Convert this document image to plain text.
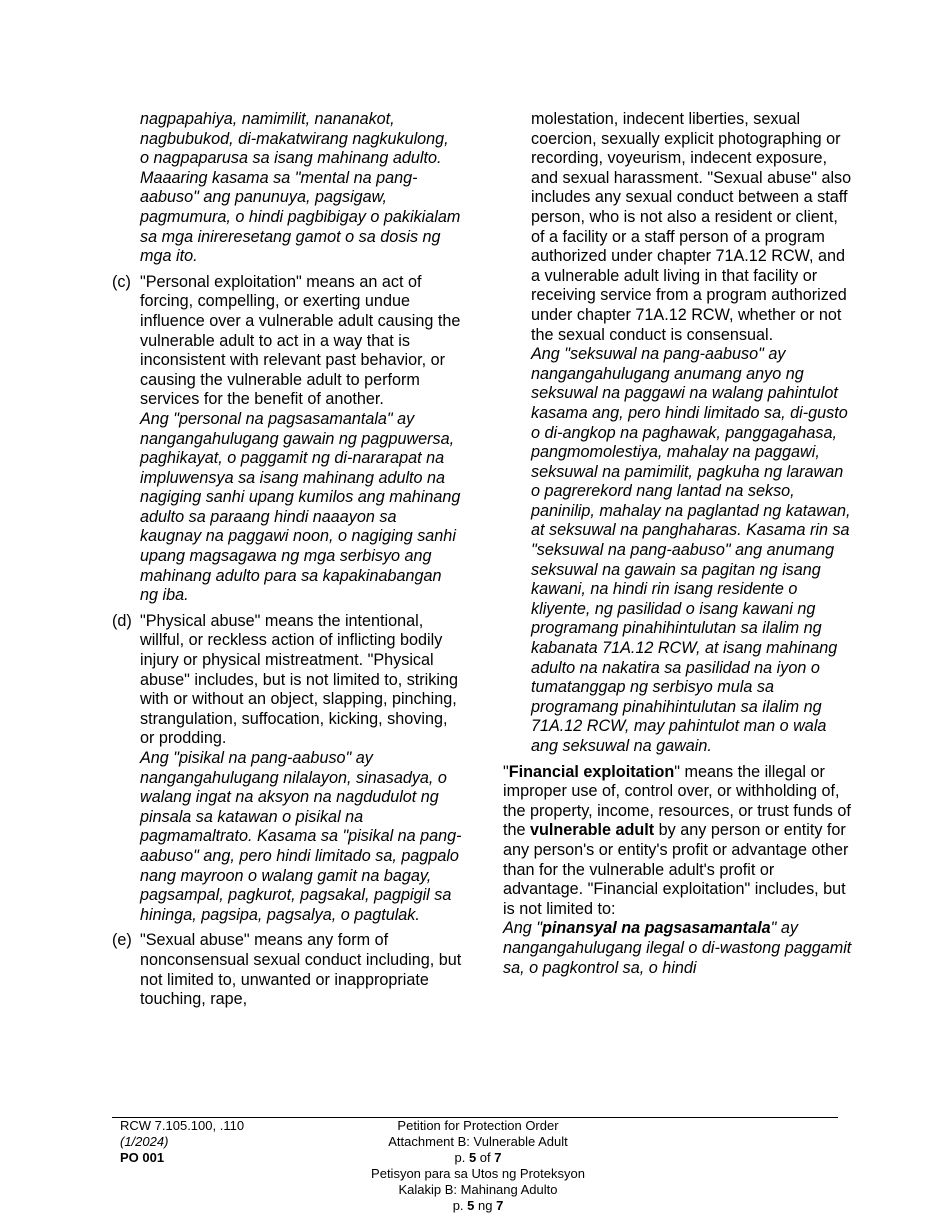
nagpapahiya, namimilit, nananakot, nagbubukod, di-makatwirang nagkukulong, o nagpaparusa sa isang mahinang adulto. Maaaring kasama sa "mental na pang-aabuso" ang panunuya, pagsigaw, pagmumura, o hindi pagbibigay o pakikialam sa mga inireresetang gamot o sa dosis ng mga ito.

(c) "Personal exploitation" means an act of forcing, compelling, or exerting undue influence over a vulnerable adult causing the vulnerable adult to act in a way that is inconsistent with relevant past behavior, or causing the vulnerable adult to perform services for the benefit of another.

Ang "personal na pagsasamantala" ay nangangahulugang gawain ng pagpuwersa, paghikayat, o paggamit ng di-nararapat na impluwensya sa isang mahinang adulto na nagiging sanhi upang kumilos ang mahinang adulto sa paraang hindi naaayon sa kaugnay na paggawi noon, o nagiging sanhi upang magsagawa ng mga serbisyo ang mahinang adulto para sa kapakinabangan ng iba.

(d) "Physical abuse" means the intentional, willful, or reckless action of inflicting bodily injury or physical mistreatment. "Physical abuse" includes, but is not limited to, striking with or without an object, slapping, pinching, strangulation, suffocation, kicking, shoving, or prodding.

Ang "pisikal na pang-aabuso" ay nangangahulugang nilalayon, sinasadya, o walang ingat na aksyon na nagdudulot ng pinsala sa katawan o pisikal na pagmamaltrato. Kasama sa "pisikal na pang-aabuso" ang, pero hindi limitado sa, pagpalo nang mayroon o walang gamit na bagay, pagsampal, pagkurot, pagsakal, pagpigil sa hininga, pagsipa, pagsalya, o pagtulak.

(e) "Sexual abuse" means any form of nonconsensual sexual conduct including, but not limited to, unwanted or inappropriate touching, rape,

molestation, indecent liberties, sexual coercion, sexually explicit photographing or recording, voyeurism, indecent exposure, and sexual harassment. "Sexual abuse" also includes any sexual conduct between a staff person, who is not also a resident or client, of a facility or a staff person of a program authorized under chapter 71A.12 RCW, and a vulnerable adult living in that facility or receiving service from a program authorized under chapter 71A.12 RCW, whether or not the sexual conduct is consensual.

Ang "seksuwal na pang-aabuso" ay nangangahulugang anumang anyo ng seksuwal na paggawi na walang pahintulot kasama ang, pero hindi limitado sa, di-gusto o di-angkop na paghawak, panggagahasa, pangmomolestiya, mahalay na paggawi, seksuwal na pamimilit, pagkuha ng larawan o pagrerekord nang lantad na sekso, paninilip, mahalay na paglantad ng katawan, at seksuwal na panghaharas. Kasama rin sa "seksuwal na pang-aabuso" ang anumang seksuwal na gawain sa pagitan ng isang kawani, na hindi rin isang residente o kliyente, ng pasilidad o isang kawani ng programang pinahihintulutan sa ilalim ng kabanata 71A.12 RCW, at isang mahinang adulto na nakatira sa pasilidad na iyon o tumatanggap ng serbisyo mula sa programang pinahihintulutan sa ilalim ng 71A.12 RCW, may pahintulot man o wala ang seksuwal na gawain.

"Financial exploitation" means the illegal or improper use of, control over, or withholding of, the property, income, resources, or trust funds of the vulnerable adult by any person or entity for any person's or entity's profit or advantage other than for the vulnerable adult's profit or advantage. "Financial exploitation" includes, but is not limited to:

Ang "pinansyal na pagsasamantala" ay nangangahulugang ilegal o di-wastong paggamit sa, o pagkontrol sa, o hindi

RCW 7.105.100, .110
(1/2024)
PO 001
Petition for Protection Order
Attachment B: Vulnerable Adult
p. 5 of 7
Petisyon para sa Utos ng Proteksyon
Kalakip B: Mahinang Adulto
p. 5 ng 7
